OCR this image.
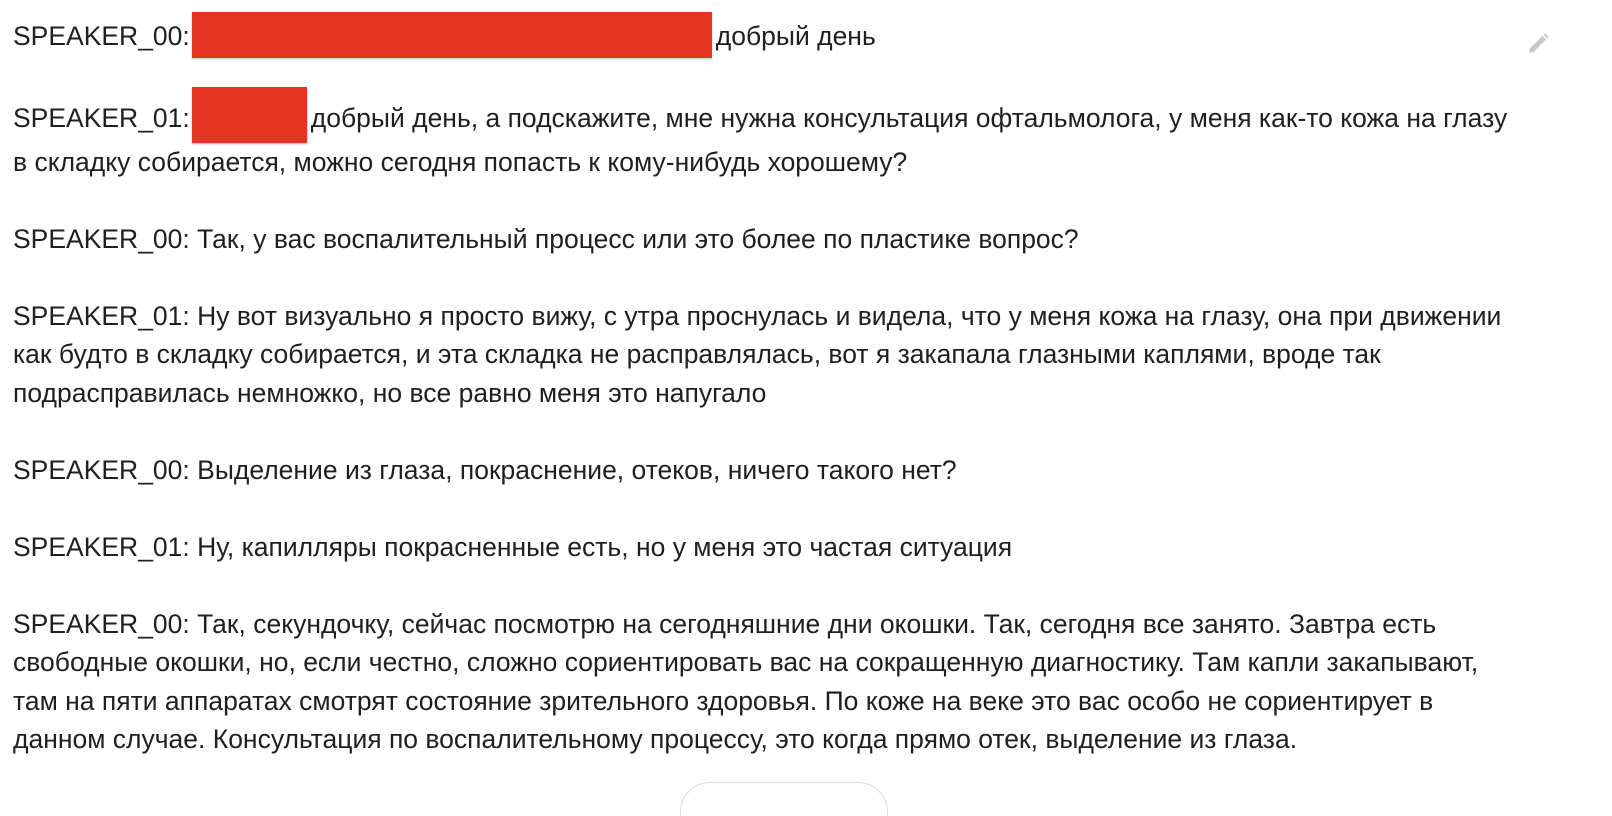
SPEAKER_00:	добрый день

SPEAKER_01:	добрый день, а подскажите, мне нужна консультация офтальмолога, у меня как-то кожа на глазу в складку собирается, можно сегодня попасть к кому-нибудь хорошему?

SPEAKER_00: Так, у вас воспалительный процесс или это более по пластике вопрос?

SPEAKER_01: Ну вот визуально я просто вижу, с утра проснулась и видела, что у меня кожа на глазу, она при движении как будто в складку собирается, и эта складка не расправлялась, вот я закапала глазными каплями, вроде так подрасправилась немножко, но все равно меня это напугало

SPEAKER_00: Выделение из глаза, покраснение, отеков, ничего такого нет?

SPEAKER_01: Ну, капилляры покрасненные есть, но у меня это частая ситуация

SPEAKER_00: Так, секундочку, сейчас посмотрю на сегодняшние дни окошки. Так, сегодня все занято. Завтра есть свободные окошки, но, если честно, сложно сориентировать вас на сокращенную диагностику. Там капли закапывают, там на пяти аппаратах смотрят состояние зрительного здоровья. По коже на веке это вас особо не сориентирует в данном случае. Консультация по воспалительному процессу, это когда прямо отек, выделение из глаза.
